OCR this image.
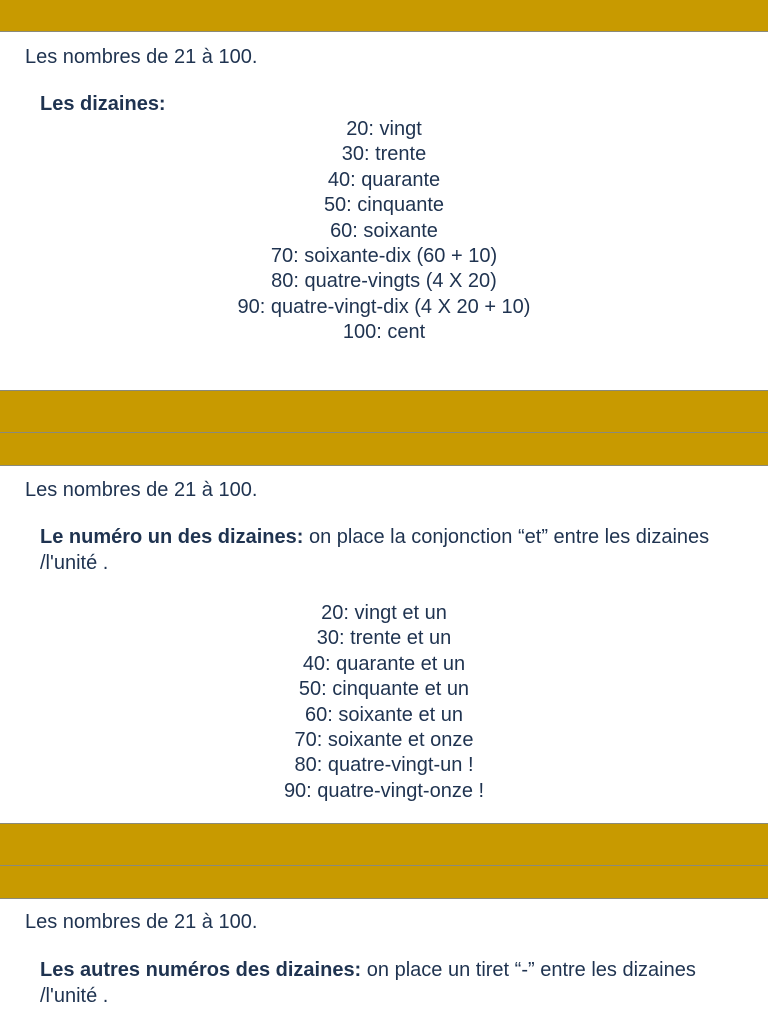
Les nombres de 21 à 100.
Les dizaines:
20: vingt
30: trente
40: quarante
50: cinquante
60: soixante
70: soixante-dix (60 + 10)
80: quatre-vingts (4 X 20)
90: quatre-vingt-dix (4 X 20 + 10)
100: cent
Les nombres de 21 à 100.
Le numéro un des dizaines: on place la conjonction “et” entre les dizaines /l'unité .
20: vingt et un
30: trente et un
40: quarante et un
50: cinquante et un
60: soixante et un
70: soixante et onze
80: quatre-vingt-un !
90: quatre-vingt-onze !
Les nombres de 21 à 100.
Les autres numéros des dizaines: on place un tiret “-” entre les dizaines /l'unité .
